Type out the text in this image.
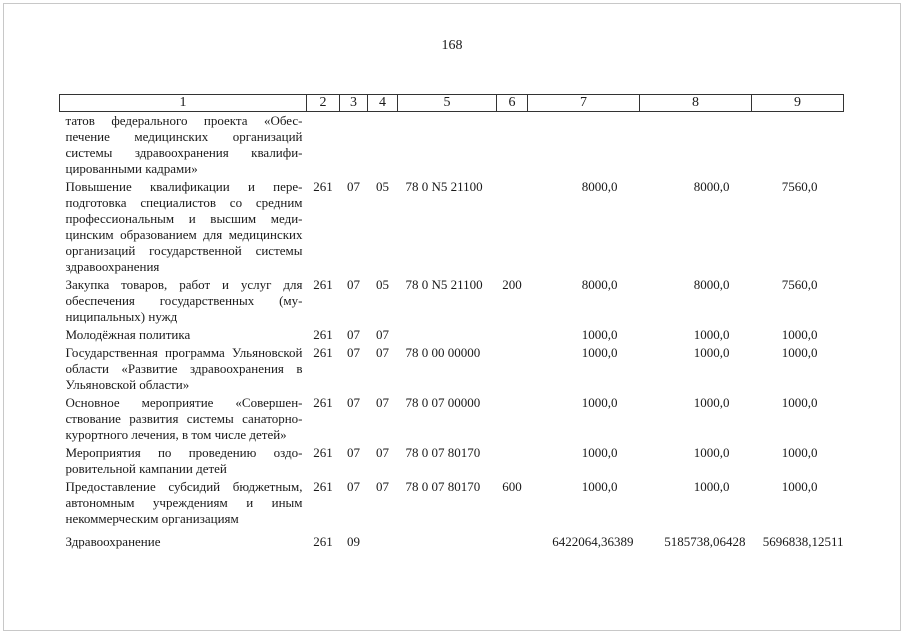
168
1	2	3	4	5	6	7	8	9
татов федерального проекта «Обеспечение медицинских организаций системы здравоохранения квалифицированными кадрами»								
Повышение квалификации и переподготовка специалистов со средним профессиональным и высшим медицинским образованием для медицинских организаций государственной системы здравоохранения	261	07	05	78 0 N5 21100		8000,0	8000,0	7560,0
Закупка товаров, работ и услуг для обеспечения государственных (муниципальных) нужд	261	07	05	78 0 N5 21100	200	8000,0	8000,0	7560,0
Молодёжная политика	261	07	07			1000,0	1000,0	1000,0
Государственная программа Ульяновской области «Развитие здравоохранения в Ульяновской области»	261	07	07	78 0 00 00000		1000,0	1000,0	1000,0
Основное мероприятие «Совершенствование развития системы санаторно-курортного лечения, в том числе детей»	261	07	07	78 0 07 00000		1000,0	1000,0	1000,0
Мероприятия по проведению оздоровительной кампании детей	261	07	07	78 0 07 80170		1000,0	1000,0	1000,0
Предоставление субсидий бюджетным, автономным учреждениям и иным некоммерческим организациям	261	07	07	78 0 07 80170	600	1000,0	1000,0	1000,0
Здравоохранение	261	09				6422064,36389	5185738,06428	5696838,12511
